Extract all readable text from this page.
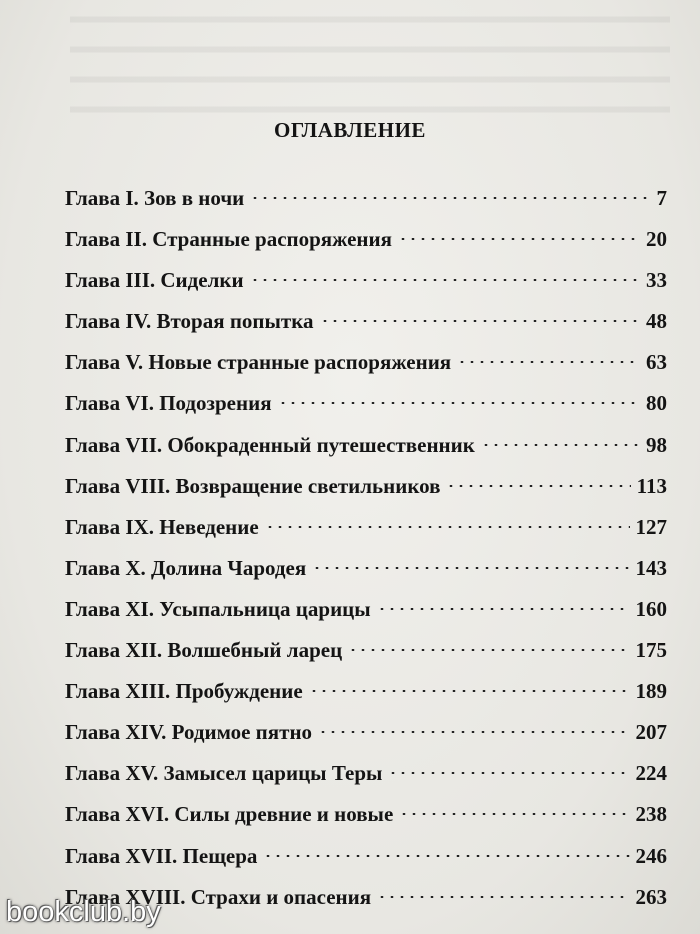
ОГЛАВЛЕНИЕ
Глава I. Зов в ночи	7
Глава II. Странные распоряжения	20
Глава III. Сиделки	33
Глава IV. Вторая попытка	48
Глава V. Новые странные распоряжения	63
Глава VI. Подозрения	80
Глава VII. Обокраденный путешественник	98
Глава VIII. Возвращение светильников	113
Глава IX. Неведение	127
Глава X. Долина Чародея	143
Глава XI. Усыпальница царицы	160
Глава XII. Волшебный ларец	175
Глава XIII. Пробуждение	189
Глава XIV. Родимое пятно	207
Глава XV. Замысел царицы Теры	224
Глава XVI. Силы древние и новые	238
Глава XVII. Пещера	246
Глава XVIII. Страхи и опасения	263
bookclub.by
